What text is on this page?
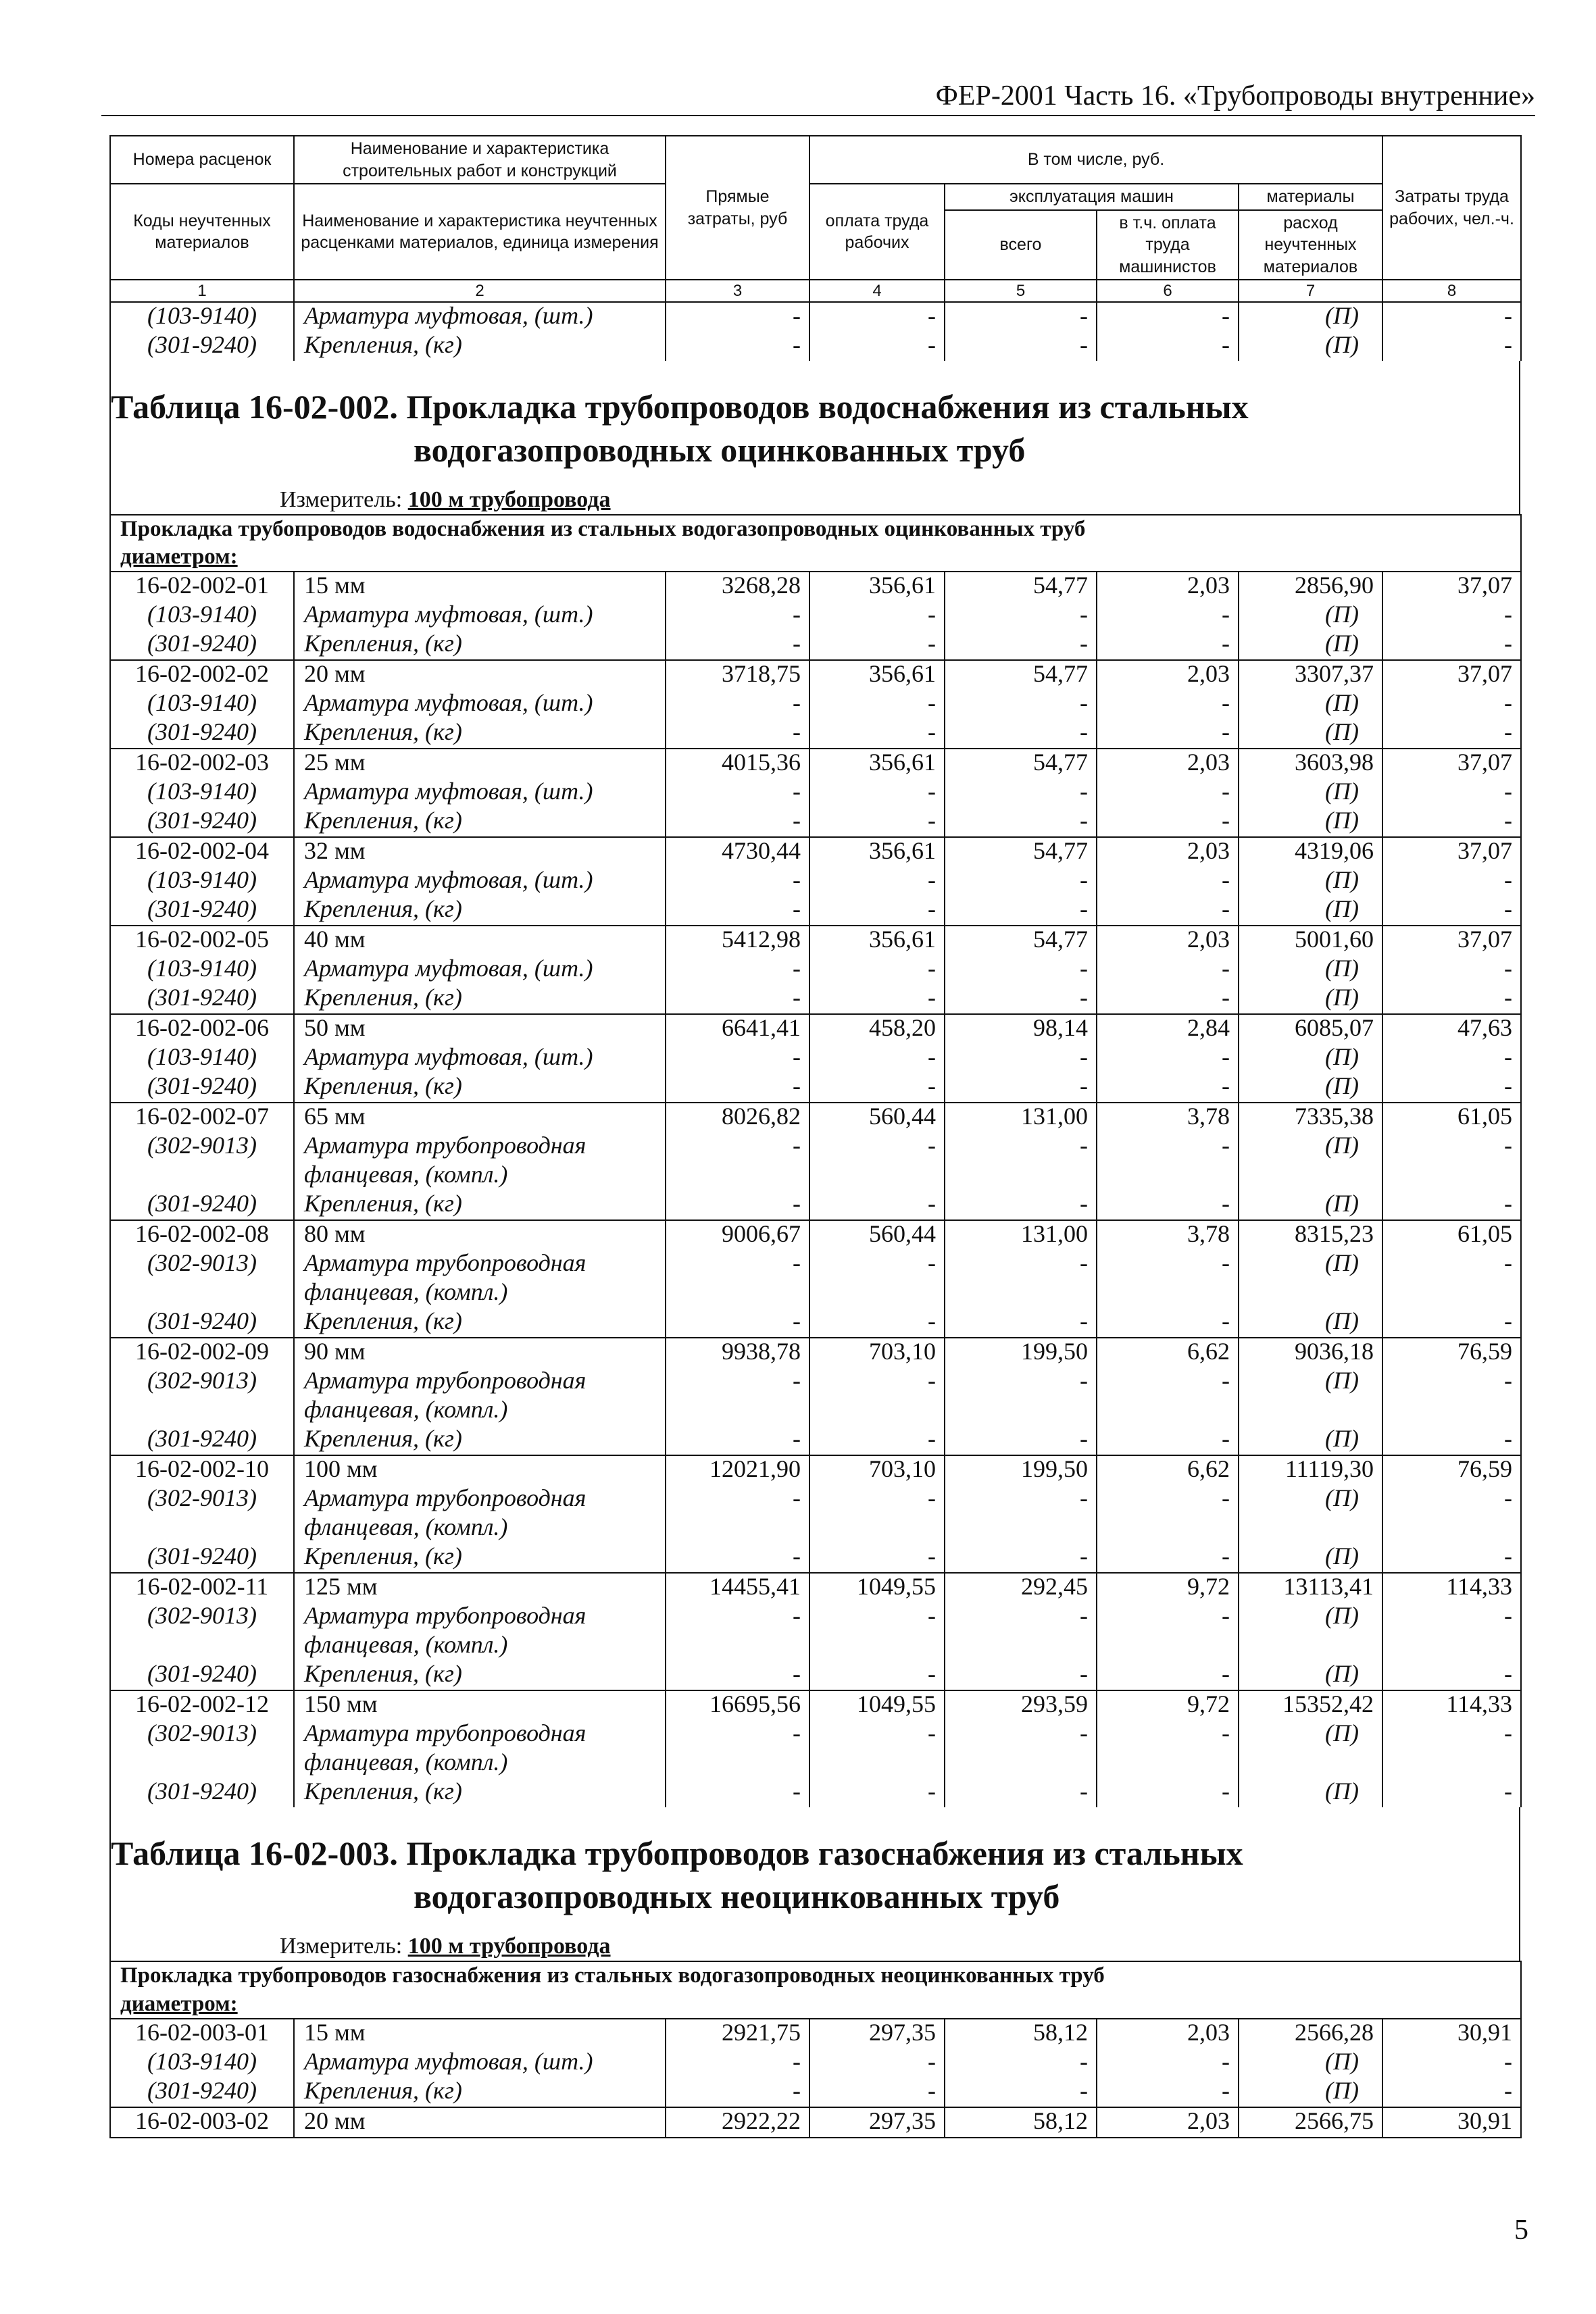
ФЕР-2001 Часть 16. «Трубопроводы внутренние»
Номера расценок	Наименование и характеристика строительных работ и конструкций	Прямые затраты, руб	В том числе, руб.				Затраты труда рабочих, чел.-ч.
Коды неучтенных материалов	Наименование и характеристика неучтенных расценками материалов, единица измерения		оплата труда рабочих	эксплуатация машин		материалы	
				всего	в т.ч. оплата труда машинистов	расход неучтенных материалов	
1	2	3	4	5	6	7	8
(103-9140)	Арматура муфтовая, (шт.)	-	-	-	-	(П)	-
(301-9240)	Крепления, (кг)	-	-	-	-	(П)	-
Таблица 16-02-002. Прокладка трубопроводов водоснабжения из стальных
водогазопроводных оцинкованных труб
Измеритель: 100 м трубопровода
Прокладка трубопроводов водоснабжения из стальных водогазопроводных оцинкованных труб
диаметром:							

16-02-002-01	15 мм	3268,28	356,61	54,77	2,03	2856,90	37,07
(103-9140)	Арматура муфтовая, (шт.)	-	-	-	-	(П)	-
(301-9240)	Крепления, (кг)	-	-	-	-	(П)	-
16-02-002-02	20 мм	3718,75	356,61	54,77	2,03	3307,37	37,07
(103-9140)	Арматура муфтовая, (шт.)	-	-	-	-	(П)	-
(301-9240)	Крепления, (кг)	-	-	-	-	(П)	-
16-02-002-03	25 мм	4015,36	356,61	54,77	2,03	3603,98	37,07
(103-9140)	Арматура муфтовая, (шт.)	-	-	-	-	(П)	-
(301-9240)	Крепления, (кг)	-	-	-	-	(П)	-
16-02-002-04	32 мм	4730,44	356,61	54,77	2,03	4319,06	37,07
(103-9140)	Арматура муфтовая, (шт.)	-	-	-	-	(П)	-
(301-9240)	Крепления, (кг)	-	-	-	-	(П)	-
16-02-002-05	40 мм	5412,98	356,61	54,77	2,03	5001,60	37,07
(103-9140)	Арматура муфтовая, (шт.)	-	-	-	-	(П)	-
(301-9240)	Крепления, (кг)	-	-	-	-	(П)	-
16-02-002-06	50 мм	6641,41	458,20	98,14	2,84	6085,07	47,63
(103-9140)	Арматура муфтовая, (шт.)	-	-	-	-	(П)	-
(301-9240)	Крепления, (кг)	-	-	-	-	(П)	-
16-02-002-07	65 мм	8026,82	560,44	131,00	3,78	7335,38	61,05
(302-9013)	Арматура трубопроводная	-	-	-	-	(П)	-
	фланцевая, (компл.)						
(301-9240)	Крепления, (кг)	-	-	-	-	(П)	-
16-02-002-08	80 мм	9006,67	560,44	131,00	3,78	8315,23	61,05
(302-9013)	Арматура трубопроводная	-	-	-	-	(П)	-
	фланцевая, (компл.)						
(301-9240)	Крепления, (кг)	-	-	-	-	(П)	-
16-02-002-09	90 мм	9938,78	703,10	199,50	6,62	9036,18	76,59
(302-9013)	Арматура трубопроводная	-	-	-	-	(П)	-
	фланцевая, (компл.)						
(301-9240)	Крепления, (кг)	-	-	-	-	(П)	-
16-02-002-10	100 мм	12021,90	703,10	199,50	6,62	11119,30	76,59
(302-9013)	Арматура трубопроводная	-	-	-	-	(П)	-
	фланцевая, (компл.)						
(301-9240)	Крепления, (кг)	-	-	-	-	(П)	-
16-02-002-11	125 мм	14455,41	1049,55	292,45	9,72	13113,41	114,33
(302-9013)	Арматура трубопроводная	-	-	-	-	(П)	-
	фланцевая, (компл.)						
(301-9240)	Крепления, (кг)	-	-	-	-	(П)	-
16-02-002-12	150 мм	16695,56	1049,55	293,59	9,72	15352,42	114,33
(302-9013)	Арматура трубопроводная	-	-	-	-	(П)	-
	фланцевая, (компл.)						
(301-9240)	Крепления, (кг)	-	-	-	-	(П)	-
Таблица 16-02-003. Прокладка трубопроводов газоснабжения из стальных
водогазопроводных неоцинкованных труб
Измеритель: 100 м трубопровода
Прокладка трубопроводов газоснабжения из стальных водогазопроводных неоцинкованных труб
диаметром:							

16-02-003-01	15 мм	2921,75	297,35	58,12	2,03	2566,28	30,91
(103-9140)	Арматура муфтовая, (шт.)	-	-	-	-	(П)	-
(301-9240)	Крепления, (кг)	-	-	-	-	(П)	-
16-02-003-02	20 мм	2922,22	297,35	58,12	2,03	2566,75	30,91
5
